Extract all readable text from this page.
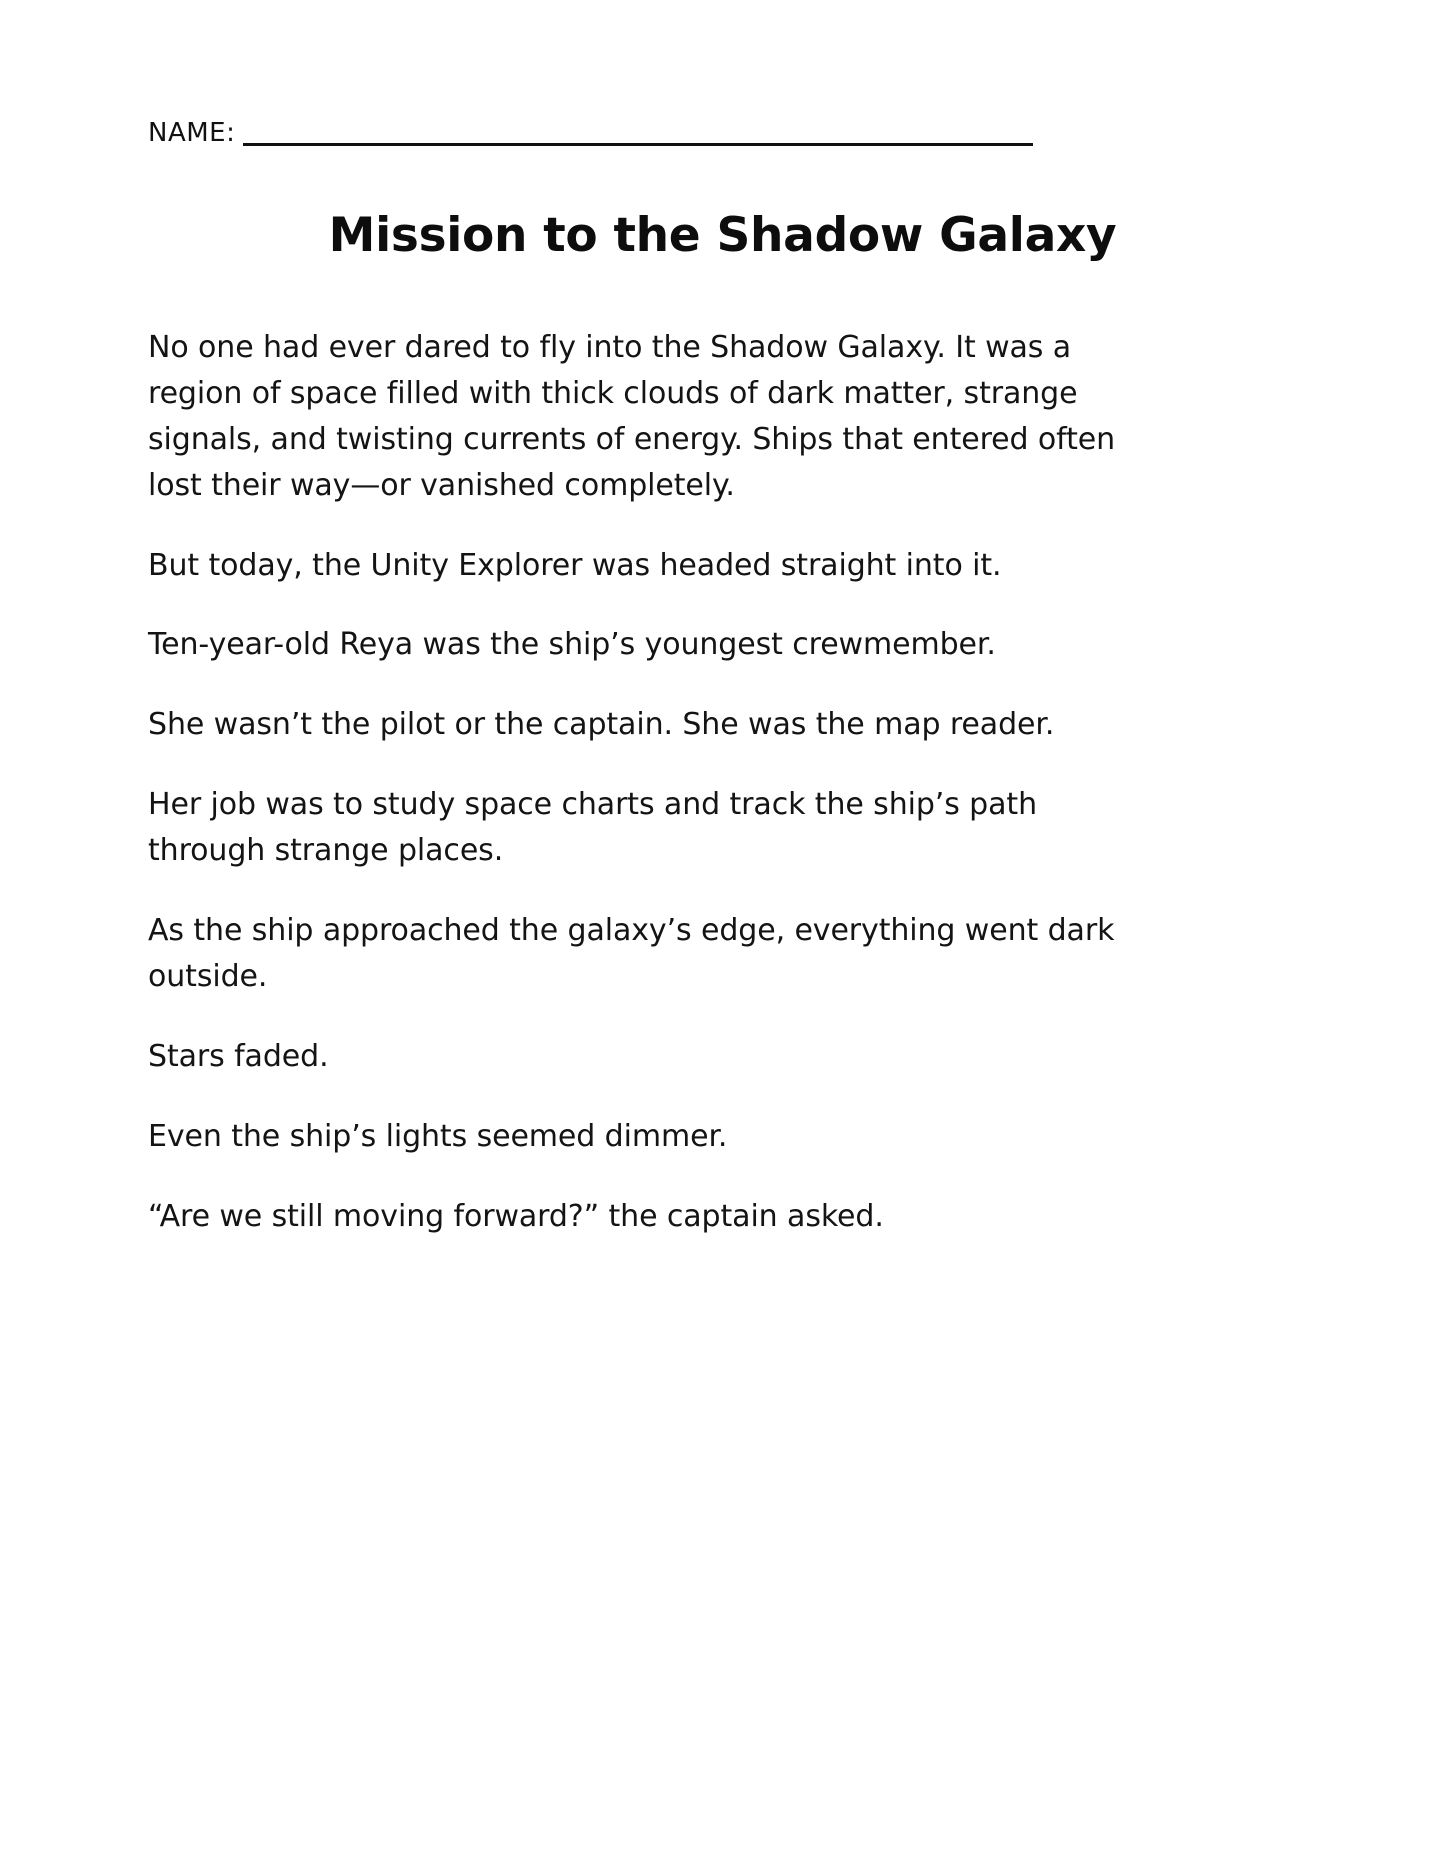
NAME:
Mission to the Shadow Galaxy

No one had ever dared to fly into the Shadow Galaxy. It was a region of space filled with thick clouds of dark matter, strange signals, and twisting currents of energy. Ships that entered often lost their way—or vanished completely.

But today, the Unity Explorer was headed straight into it.

Ten-year-old Reya was the ship’s youngest crewmember.

She wasn’t the pilot or the captain. She was the map reader.

Her job was to study space charts and track the ship’s path through strange places.

As the ship approached the galaxy’s edge, everything went dark outside.

Stars faded.

Even the ship’s lights seemed dimmer.

“Are we still moving forward?” the captain asked.
